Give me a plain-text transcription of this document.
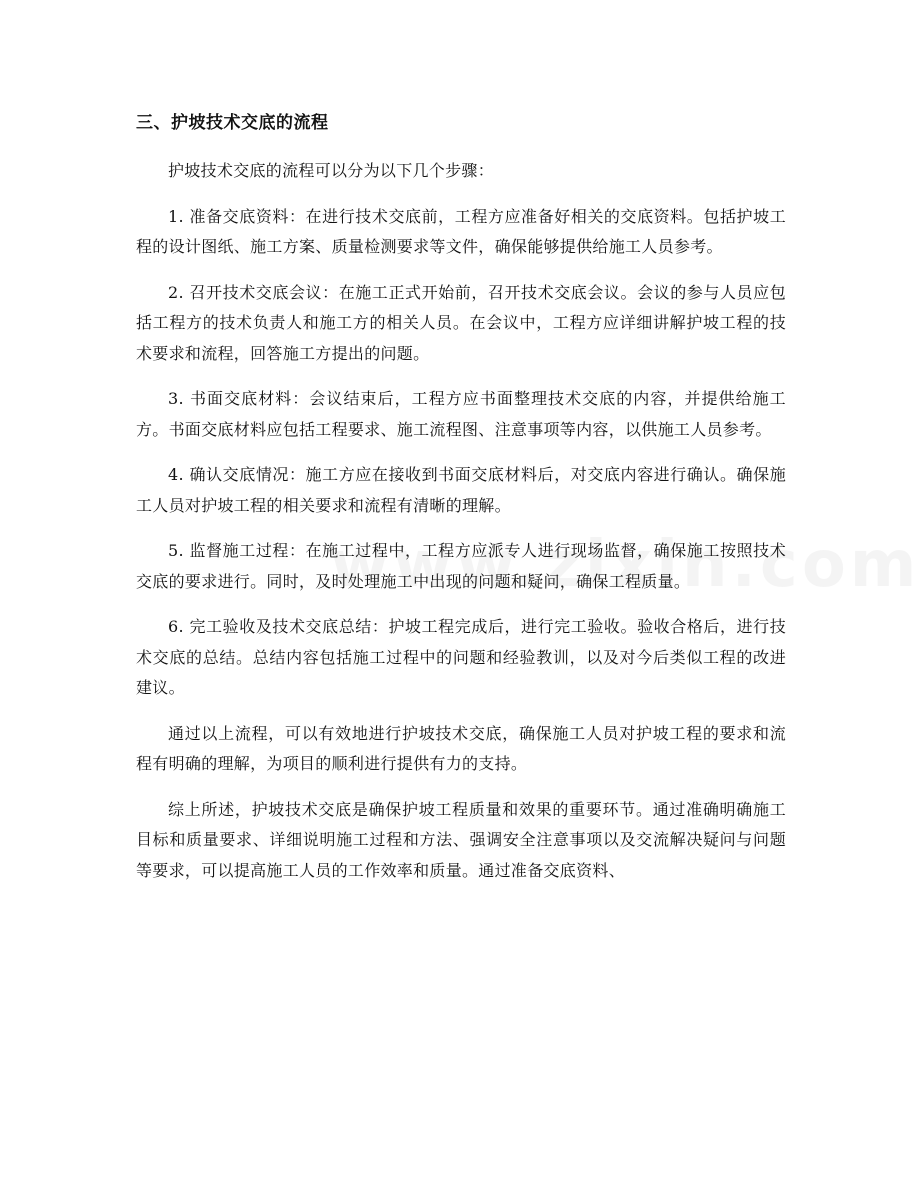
三、护坡技术交底的流程

护坡技术交底的流程可以分为以下几个步骤：

1. 准备交底资料：在进行技术交底前，工程方应准备好相关的交底资料。包括护坡工程的设计图纸、施工方案、质量检测要求等文件，确保能够提供给施工人员参考。

2. 召开技术交底会议：在施工正式开始前，召开技术交底会议。会议的参与人员应包括工程方的技术负责人和施工方的相关人员。在会议中，工程方应详细讲解护坡工程的技术要求和流程，回答施工方提出的问题。

3. 书面交底材料：会议结束后，工程方应书面整理技术交底的内容，并提供给施工方。书面交底材料应包括工程要求、施工流程图、注意事项等内容，以供施工人员参考。

4. 确认交底情况：施工方应在接收到书面交底材料后，对交底内容进行确认。确保施工人员对护坡工程的相关要求和流程有清晰的理解。

5. 监督施工过程：在施工过程中，工程方应派专人进行现场监督，确保施工按照技术交底的要求进行。同时，及时处理施工中出现的问题和疑问，确保工程质量。

6. 完工验收及技术交底总结：护坡工程完成后，进行完工验收。验收合格后，进行技术交底的总结。总结内容包括施工过程中的问题和经验教训，以及对今后类似工程的改进建议。

通过以上流程，可以有效地进行护坡技术交底，确保施工人员对护坡工程的要求和流程有明确的理解，为项目的顺利进行提供有力的支持。

综上所述，护坡技术交底是确保护坡工程质量和效果的重要环节。通过准确明确施工目标和质量要求、详细说明施工过程和方法、强调安全注意事项以及交流解决疑问与问题等要求，可以提高施工人员的工作效率和质量。通过准备交底资料、
